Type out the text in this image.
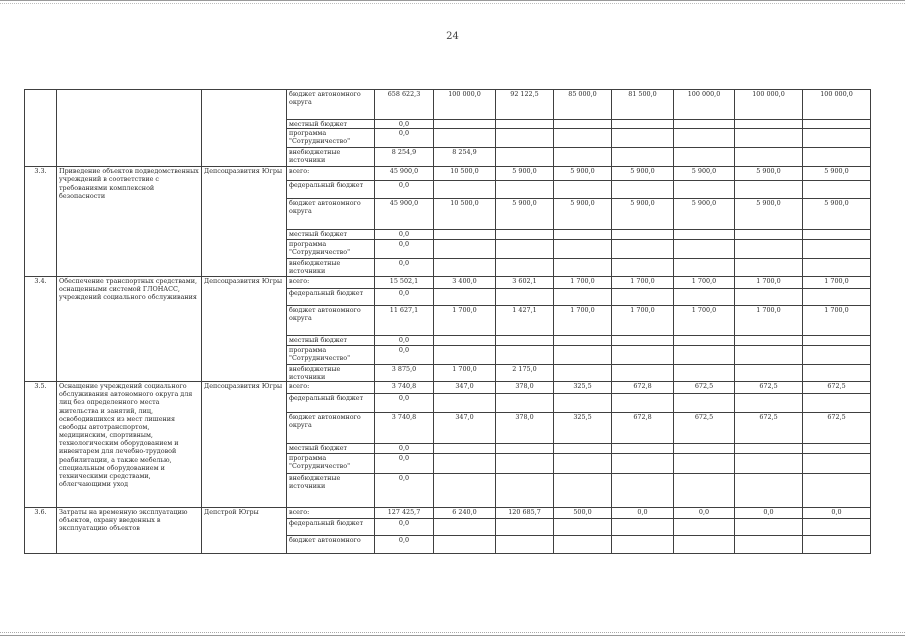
24
			бюджет автономного округа	658 622,3	100 000,0	92 122,5	85 000,0	81 500,0	100 000,0	100 000,0	100 000,0
			местный бюджет	0,0							
			программа "Сотрудничество"	0,0							
			внебюджетные источники	8 254,9	8 254,9						
3.3.	Приведение объектов подведомственных учреждений в соответствие с требованиями комплексной безопасности	Депсоцразвития Югры	всего:	45 900,0	10 500,0	5 900,0	5 900,0	5 900,0	5 900,0	5 900,0	5 900,0
			федеральный бюджет	0,0							
			бюджет автономного округа	45 900,0	10 500,0	5 900,0	5 900,0	5 900,0	5 900,0	5 900,0	5 900,0
			местный бюджет	0,0							
			программа "Сотрудничество"	0,0							
			внебюджетные источники	0,0							
3.4.	Обеспечение транспортных средствами, оснащенными системой ГЛОНАСС, учреждений социального обслуживания	Депсоцразвития Югры	всего:	15 502,1	3 400,0	3 602,1	1 700,0	1 700,0	1 700,0	1 700,0	1 700,0
			федеральный бюджет	0,0							
			бюджет автономного округа	11 627,1	1 700,0	1 427,1	1 700,0	1 700,0	1 700,0	1 700,0	1 700,0
			местный бюджет	0,0							
			программа "Сотрудничество"	0,0							
			внебюджетные источники	3 875,0	1 700,0	2 175,0					
3.5.	Оснащение учреждений социального обслуживания автономного округа для лиц без определенного места жительства и занятий, лиц, освободившихся из мест лишения свободы автотранспортом, медицинским, спортивным, технологическим оборудованием и инвентарем для лечебно-трудовой реабилитации, а также мебелью, специальным оборудованием и техническими средствами, облегчающими уход	Депсоцразвития Югры	всего:	3 740,8	347,0	378,0	325,5	672,8	672,5	672,5	672,5
			федеральный бюджет	0,0							
			бюджет автономного округа	3 740,8	347,0	378,0	325,5	672,8	672,5	672,5	672,5
			местный бюджет	0,0							
			программа "Сотрудничество"	0,0							
			внебюджетные источники	0,0							
3.6.	Затраты на временную эксплуатацию объектов, охрану введенных в эксплуатацию объектов	Депстрой Югры	всего:	127 425,7	6 240,0	120 685,7	500,0	0,0	0,0	0,0	0,0
			федеральный бюджет	0,0							
			бюджет автономного	0,0							
